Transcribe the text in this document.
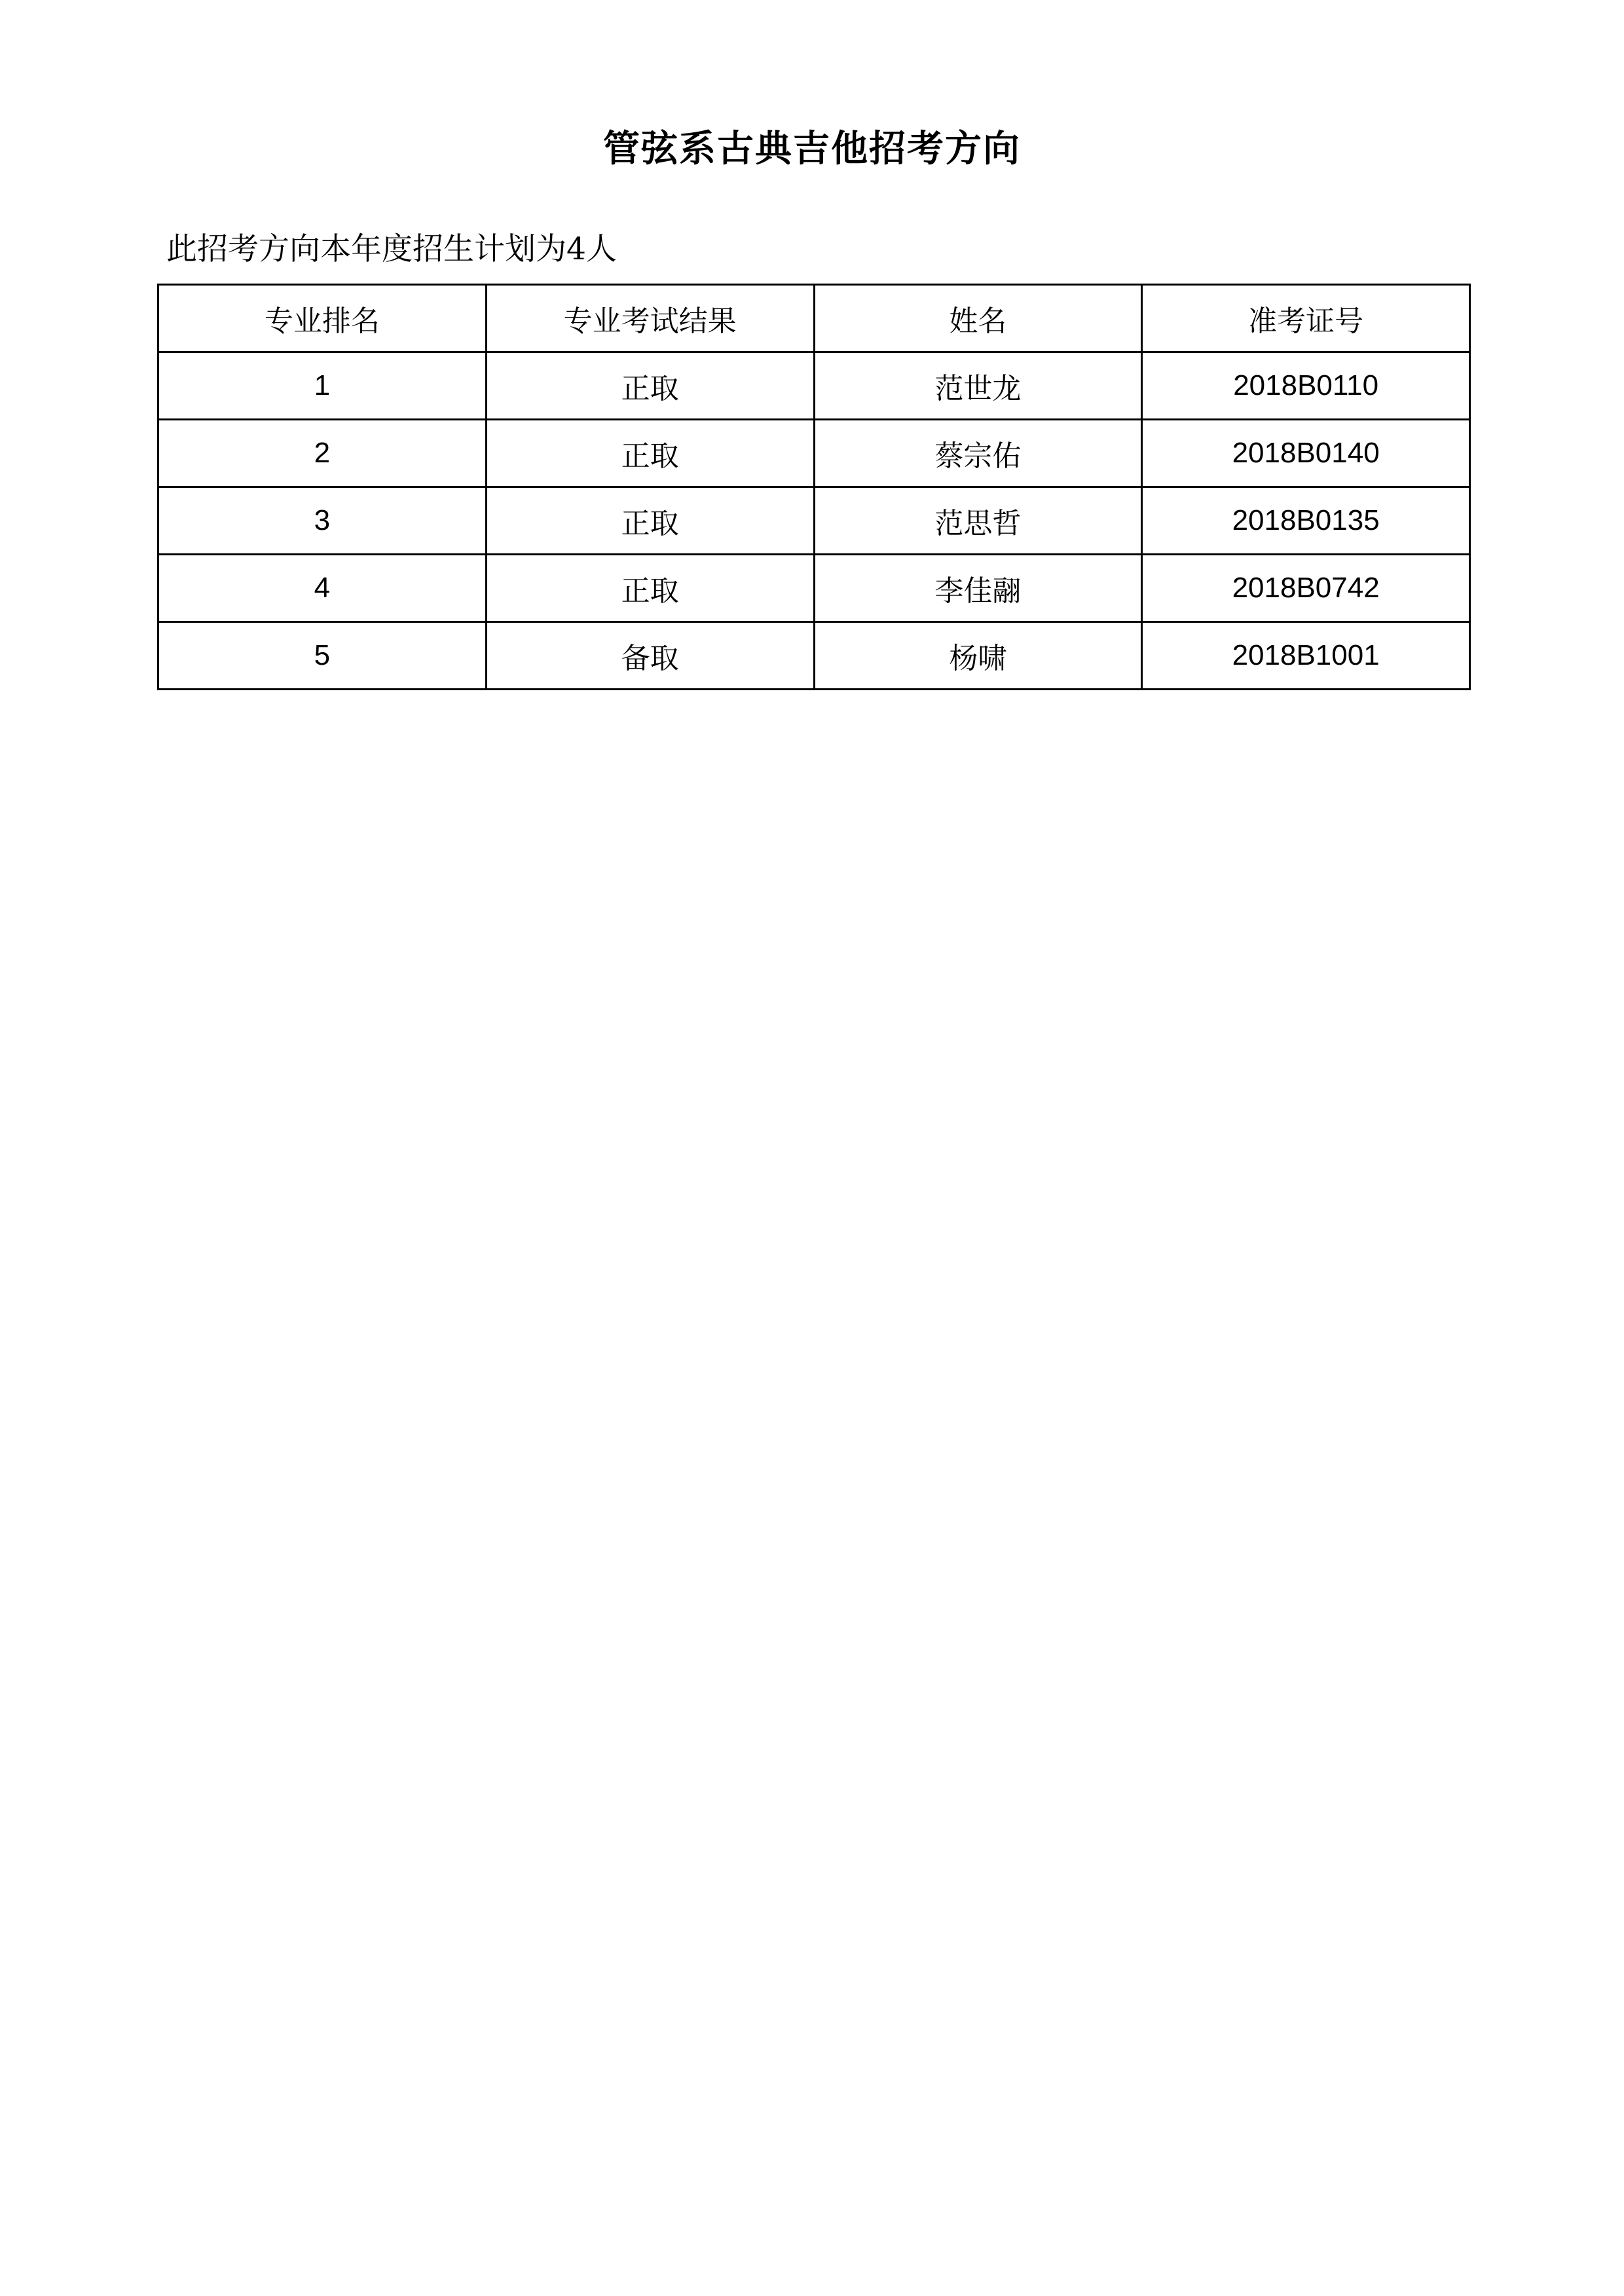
管弦系古典吉他招考方向
此招考方向本年度招生计划为4人
专业排名	专业考试结果	姓名	准考证号
1	正取	范世龙	2018B0110
2	正取	蔡宗佑	2018B0140
3	正取	范思哲	2018B0135
4	正取	李佳翮	2018B0742
5	备取	杨啸	2018B1001
